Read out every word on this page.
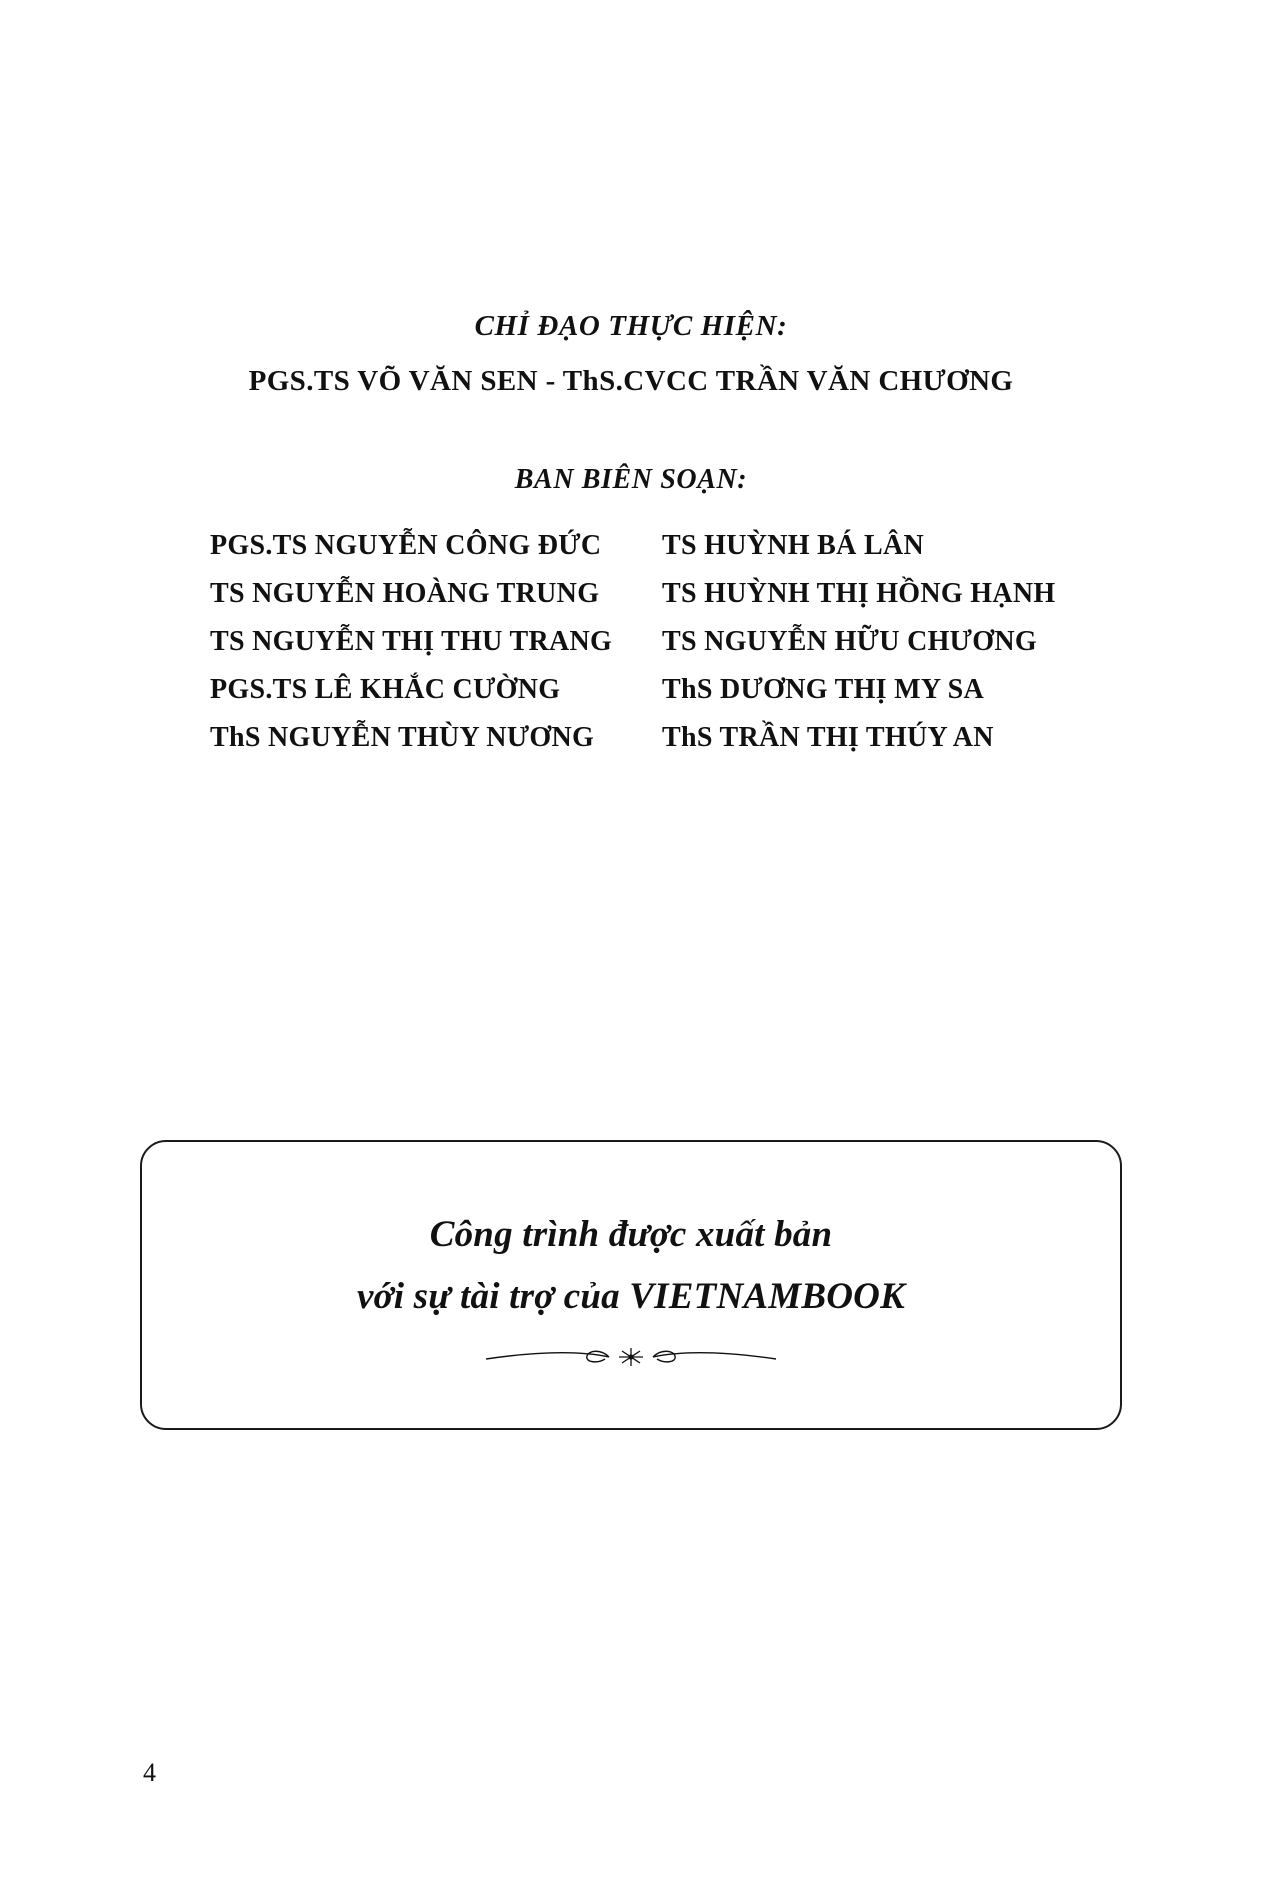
CHỈ ĐẠO THỰC HIỆN:

PGS.TS VÕ VĂN SEN - ThS.CVCC TRẦN VĂN CHƯƠNG

BAN BIÊN SOẠN:

PGS.TS NGUYỄN CÔNG ĐỨC	TS HUỲNH BÁ LÂN
TS NGUYỄN HOÀNG TRUNG	TS HUỲNH THỊ HỒNG HẠNH
TS NGUYỄN THỊ THU TRANG	TS NGUYỄN HỮU CHƯƠNG
PGS.TS LÊ KHẮC CƯỜNG	ThS DƯƠNG THỊ MY SA
ThS NGUYỄN THÙY NƯƠNG	ThS TRẦN THỊ THÚY AN
Công trình được xuất bản
với sự tài trợ của VIETNAMBOOK
4
